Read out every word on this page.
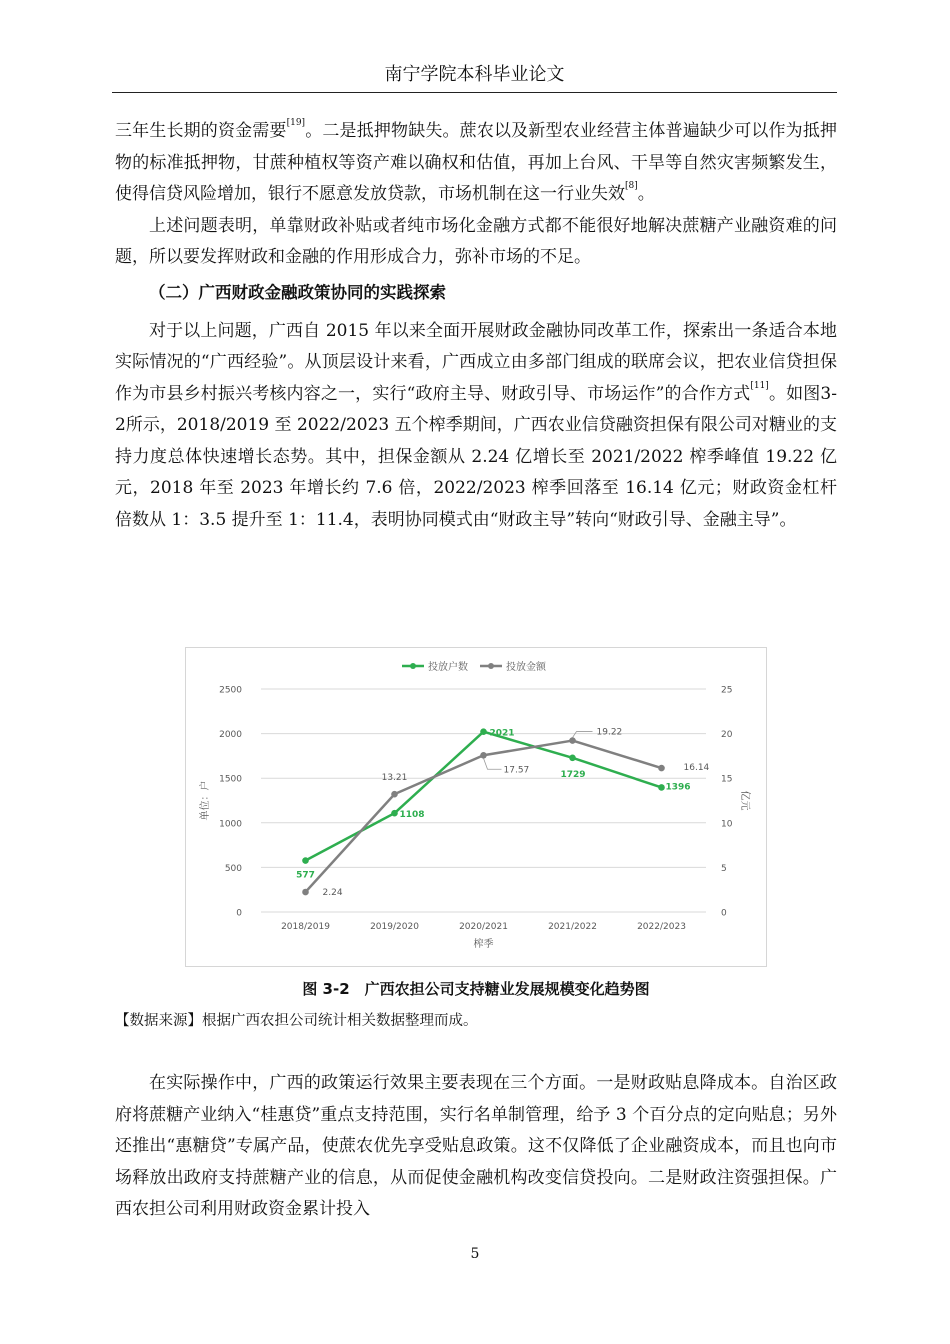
南宁学院本科毕业论文

三年生长期的资金需要[19]。二是抵押物缺失。蔗农以及新型农业经营主体普遍缺少可以作为抵押物的标准抵押物，甘蔗种植权等资产难以确权和估值，再加上台风、干旱等自然灾害频繁发生，使得信贷风险增加，银行不愿意发放贷款，市场机制在这一行业失效[8]。

上述问题表明，单靠财政补贴或者纯市场化金融方式都不能很好地解决蔗糖产业融资难的问题，所以要发挥财政和金融的作用形成合力，弥补市场的不足。

（二）广西财政金融政策协同的实践探索

对于以上问题，广西自 2015 年以来全面开展财政金融协同改革工作，探索出一条适合本地实际情况的“广西经验”。从顶层设计来看，广西成立由多部门组成的联席会议，把农业信贷担保作为市县乡村振兴考核内容之一，实行“政府主导、财政引导、市场运作”的合作方式[11]。如图3-2所示，2018/2019 至 2022/2023 五个榨季期间，广西农业信贷融资担保有限公司对糖业的支持力度总体快速增长态势。其中，担保金额从 2.24 亿增长至 2021/2022 榨季峰值 19.22 亿元，2018 年至 2023 年增长约 7.6 倍，2022/2023 榨季回落至 16.14 亿元；财政资金杠杆倍数从 1：3.5 提升至 1：11.4，表明协同模式由“财政主导”转向“财政引导、金融主导”。

0
500
1000
1500
2000
2500
0
5
10
15
20
25
2018/2019	2019/2020	2020/2021	2021/2022	2022/2023
榨季
单位：户	亿元
投放户数	投放金额
577
1108
2021
1729
1396
2.24
13.21
17.57
19.22
16.14
图 3-2　广西农担公司支持糖业发展规模变化趋势图
【数据来源】根据广西农担公司统计相关数据整理而成。

在实际操作中，广西的政策运行效果主要表现在三个方面。一是财政贴息降成本。自治区政府将蔗糖产业纳入“桂惠贷”重点支持范围，实行名单制管理，给予 3 个百分点的定向贴息；另外还推出“惠糖贷”专属产品，使蔗农优先享受贴息政策。这不仅降低了企业融资成本，而且也向市场释放出政府支持蔗糖产业的信息，从而促使金融机构改变信贷投向。二是财政注资强担保。广西农担公司利用财政资金累计投入

5
